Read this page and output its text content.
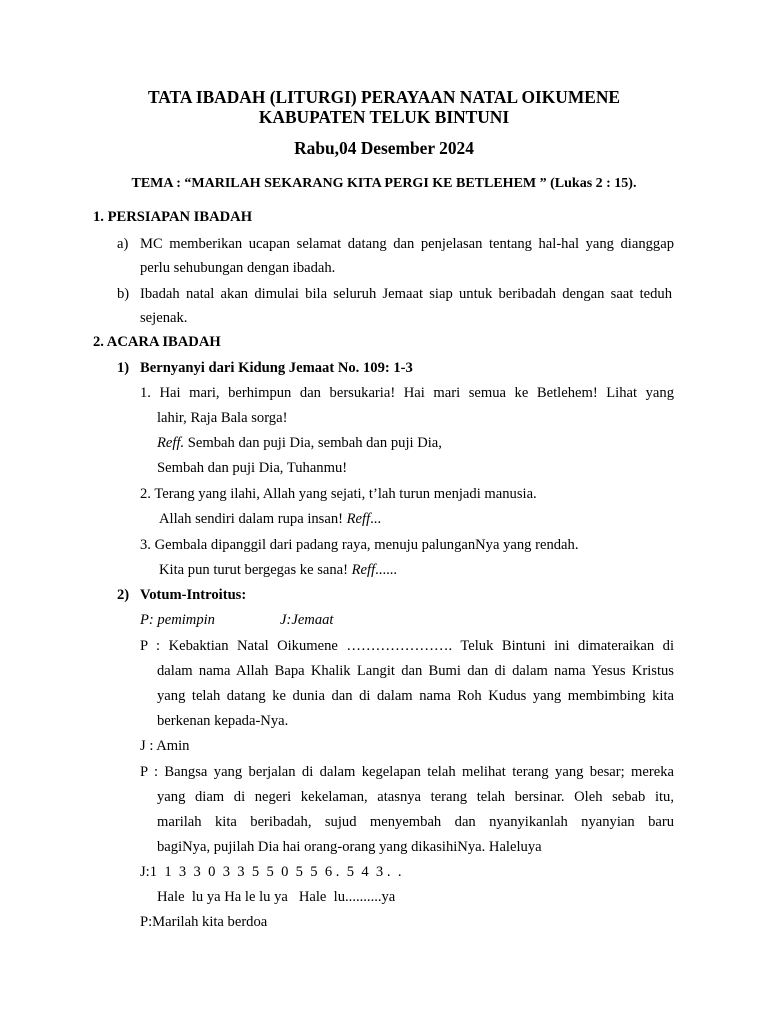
TATA IBADAH (LITURGI) PERAYAAN NATAL OIKUMENE
KABUPATEN TELUK BINTUNI
Rabu,04 Desember 2024
TEMA : “MARILAH SEKARANG KITA PERGI KE BETLEHEM ” (Lukas 2 : 15).
1. PERSIAPAN IBADAH
a) MC memberikan ucapan selamat datang dan penjelasan tentang hal-hal yang dianggap
perlu sehubungan dengan ibadah.
b) Ibadah natal akan dimulai bila seluruh Jemaat siap untuk beribadah dengan saat teduh
sejenak.
2. ACARA IBADAH
1) Bernyanyi dari Kidung Jemaat No. 109: 1-3
1. Hai mari, berhimpun dan bersukaria! Hai mari semua ke Betlehem! Lihat yang
lahir, Raja Bala sorga!
Reff. Sembah dan puji Dia, sembah dan puji Dia,
Sembah dan puji Dia, Tuhanmu!
2. Terang yang ilahi, Allah yang sejati, t’lah turun menjadi manusia.
Allah sendiri dalam rupa insan! Reff...
3. Gembala dipanggil dari padang raya, menuju palunganNya yang rendah.
Kita pun turut bergegas ke sana! Reff......
2) Votum-Introitus:
P: pemimpin	J:Jemaat
P : Kebaktian Natal Oikumene …………………. Teluk Bintuni ini dimateraikan di
dalam nama Allah Bapa Khalik Langit dan Bumi dan di dalam nama Yesus Kristus
yang telah datang ke dunia dan di dalam nama Roh Kudus yang membimbing kita
berkenan kepada-Nya.
J : Amin
P : Bangsa yang berjalan di dalam kegelapan telah melihat terang yang besar; mereka
yang diam di negeri kekelaman, atasnya terang telah bersinar. Oleh sebab itu,
marilah kita beribadah, sujud menyembah dan nyanyikanlah nyanyian baru
bagiNya, pujilah Dia hai orang-orang yang dikasihiNya. Haleluya
J:1  1  3  3  0  3  3  5  5  0  5  5  6 .  5  4  3 .  .
Hale  lu ya Ha le lu ya   Hale  lu..........ya
P:Marilah kita berdoa
